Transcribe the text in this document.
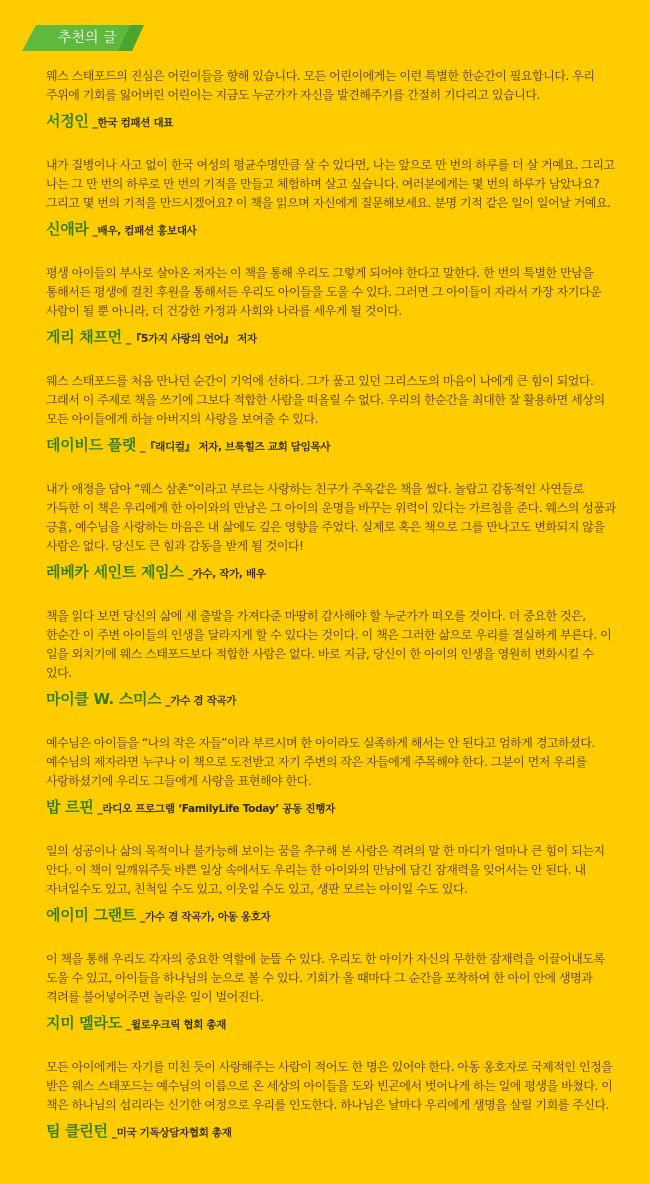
추천의 글

웨스 스태포드의 진심은 어린이들을 향해 있습니다. 모든 어린이에게는 이런 특별한 한순간이 필요합니다. 우리 주위에 기회를 잃어버린 어린이는 지금도 누군가가 자신을 발견해주기를 간절히 기다리고 있습니다.

서정인 _한국 컴패션 대표

내가 질병이나 사고 없이 한국 여성의 평균수명만큼 살 수 있다면, 나는 앞으로 만 번의 하루를 더 살 거예요. 그리고 나는 그 만 번의 하루로 만 번의 기적을 만들고 체험하며 살고 싶습니다. 여러분에게는 몇 번의 하루가 남았나요? 그리고 몇 번의 기적을 만드시겠어요? 이 책을 읽으며 자신에게 질문해보세요. 분명 기적 같은 일이 일어날 거예요.

신애라 _배우, 컴패션 홍보대사

평생 아이들의 부사로 살아온 저자는 이 책을 통해 우리도 그렇게 되어야 한다고 말한다. 한 번의 특별한 만남을 통해서든 평생에 걸친 후원을 통해서든 우리도 아이들을 도울 수 있다. 그러면 그 아이들이 자라서 가장 자기다운 사람이 될 뿐 아니라, 더 건강한 가정과 사회와 나라를 세우게 될 것이다.

게리 채프먼 _『5가지 사랑의 언어』 저자

웨스 스태포드를 처음 만나던 순간이 기억에 선하다. 그가 품고 있던 그리스도의 마음이 나에게 큰 힘이 되었다. 그래서 이 주제로 책을 쓰기에 그보다 적합한 사람을 떠올릴 수 없다. 우리의 한순간을 최대한 잘 활용하면 세상의 모든 아이들에게 하늘 아버지의 사랑을 보여줄 수 있다.

데이비드 플랫 _『래디컬』 저자, 브룩힐즈 교회 담임목사

내가 애정을 담아 “웨스 삼촌”이라고 부르는 사랑하는 친구가 주옥같은 책을 썼다. 놀랍고 감동적인 사연들로 가득한 이 책은 우리에게 한 아이와의 만남은 그 아이의 운명을 바꾸는 위력이 있다는 가르침을 준다. 웨스의 성품과 긍휼, 예수님을 사랑하는 마음은 내 삶에도 깊은 영향을 주었다. 실제로 혹은 책으로 그를 만나고도 변화되지 않을 사람은 없다. 당신도 큰 힘과 감동을 받게 될 것이다!

레베카 세인트 제임스 _가수, 작가, 배우

책을 읽다 보면 당신의 삶에 새 출발을 가져다준 마땅히 감사해야 할 누군가가 떠오를 것이다. 더 중요한 것은, 한순간 이 주변 아이들의 인생을 달라지게 할 수 있다는 것이다. 이 책은 그러한 삶으로 우리를 절실하게 부른다. 이 일을 외치기에 웨스 스태포드보다 적합한 사람은 없다. 바로 지금, 당신이 한 아이의 인생을 영원히 변화시킬 수 있다.

마이클 W. 스미스 _가수 겸 작곡가

예수님은 아이들을 “나의 작은 자들”이라 부르시며 한 아이라도 실족하게 해서는 안 된다고 엄하게 경고하셨다. 예수님의 제자라면 누구나 이 책으로 도전받고 자기 주변의 작은 자들에게 주목해야 한다. 그분이 먼저 우리를 사랑하셨기에 우리도 그들에게 사랑을 표현해야 한다.

밥 르핀 _라디오 프로그램 ‘FamilyLife Today’ 공동 진행자

일의 성공이나 삶의 목적이나 불가능해 보이는 꿈을 추구해 본 사람은 격려의 말 한 마디가 얼마나 큰 힘이 되는지 안다. 이 책이 일깨워주듯 바쁜 일상 속에서도 우리는 한 아이와의 만남에 담긴 잠재력을 잊어서는 안 된다. 내 자녀일수도 있고, 친척일 수도 있고, 이웃일 수도 있고, 생판 모르는 아이일 수도 있다.

에이미 그랜트 _가수 겸 작곡가, 아동 옹호자

이 책을 통해 우리도 각자의 중요한 역할에 눈뜰 수 있다. 우리도 한 아이가 자신의 무한한 잠재력을 이끌어내도록 도울 수 있고, 아이들을 하나님의 눈으로 볼 수 있다. 기회가 올 때마다 그 순간을 포착하여 한 아이 안에 생명과 격려를 불어넣어주면 놀라운 일이 벌어진다.

지미 멜라도 _윌로우크릭 협회 총재

모든 아이에게는 자기를 미친 듯이 사랑해주는 사람이 적어도 한 명은 있어야 한다. 아동 옹호자로 국제적인 인정을 받은 웨스 스태포드는 예수님의 이름으로 온 세상의 아이들을 도와 빈곤에서 벗어나게 하는 일에 평생을 바쳤다. 이 책은 하나님의 섭리라는 신기한 여정으로 우리를 인도한다. 하나님은 날마다 우리에게 생명을 살릴 기회를 주신다.

팀 클린턴 _미국 기독상담자협회 총재
